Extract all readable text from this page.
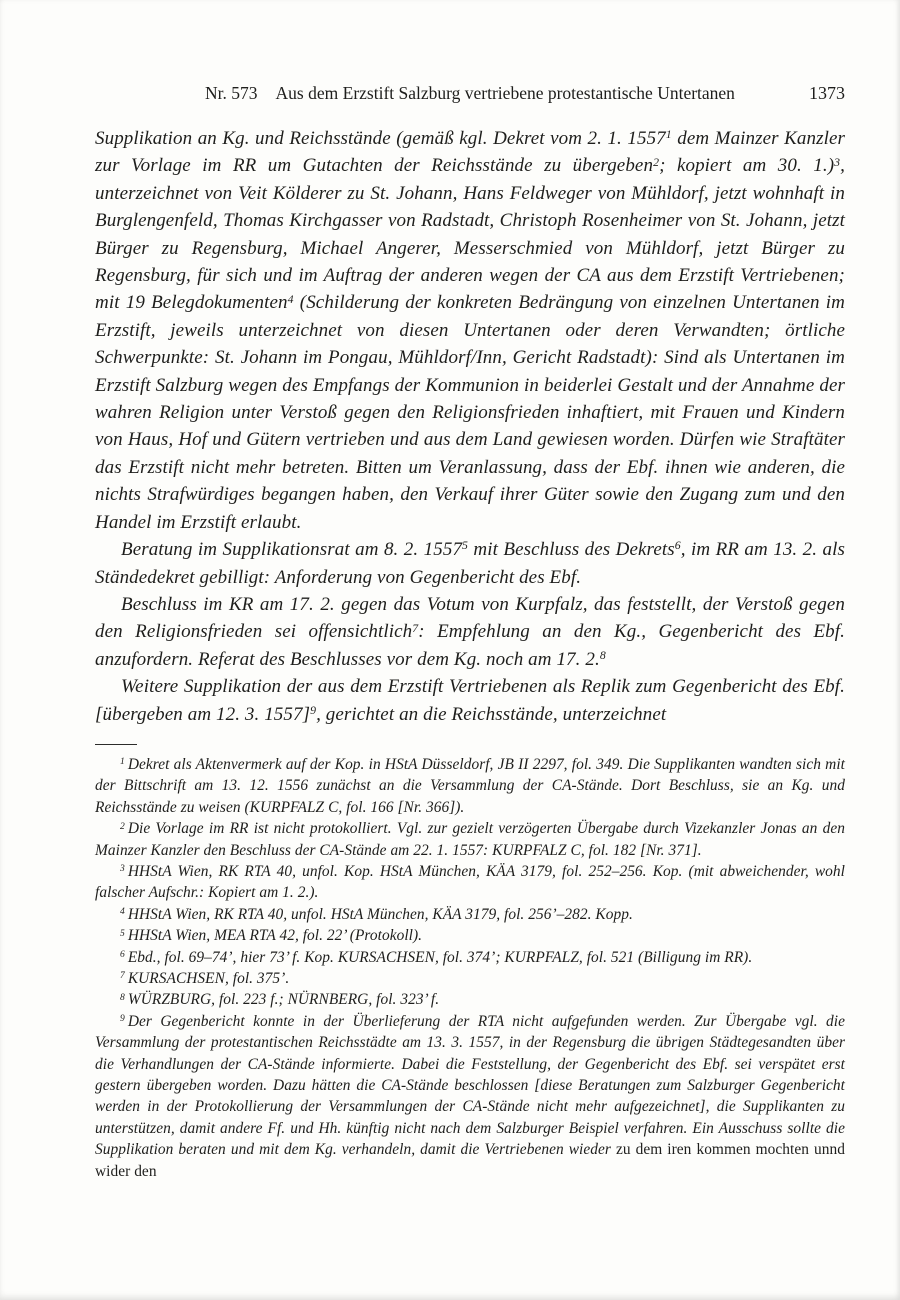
Nr. 573 Aus dem Erzstift Salzburg vertriebene protestantische Untertanen	1373

Supplikation an Kg. und Reichsstände (gemäß kgl. Dekret vom 2. 1. 1557$^1$ dem Mainzer Kanzler zur Vorlage im RR um Gutachten der Reichsstände zu übergeben$^2$; kopiert am 30. 1.)$^3$, unterzeichnet von Veit Kölderer zu St. Johann, Hans Feldweger von Mühldorf, jetzt wohnhaft in Burglengenfeld, Thomas Kirchgasser von Radstadt, Christoph Rosenheimer von St. Johann, jetzt Bürger zu Regensburg, Michael Angerer, Messerschmied von Mühldorf, jetzt Bürger zu Regensburg, für sich und im Auftrag der anderen wegen der CA aus dem Erzstift Vertriebenen; mit 19 Belegdokumenten$^4$ (Schilderung der konkreten Bedrängung von einzelnen Untertanen im Erzstift, jeweils unterzeichnet von diesen Untertanen oder deren Verwandten; örtliche Schwerpunkte: St. Johann im Pongau, Mühldorf/Inn, Gericht Radstadt): Sind als Untertanen im Erzstift Salzburg wegen des Empfangs der Kommunion in beiderlei Gestalt und der Annahme der wahren Religion unter Verstoß gegen den Religionsfrieden inhaftiert, mit Frauen und Kindern von Haus, Hof und Gütern vertrieben und aus dem Land gewiesen worden. Dürfen wie Straftäter das Erzstift nicht mehr betreten. Bitten um Veranlassung, dass der Ebf. ihnen wie anderen, die nichts Strafwürdiges begangen haben, den Verkauf ihrer Güter sowie den Zugang zum und den Handel im Erzstift erlaubt.

Beratung im Supplikationsrat am 8. 2. 1557$^5$ mit Beschluss des Dekrets$^6$, im RR am 13. 2. als Ständedekret gebilligt: Anforderung von Gegenbericht des Ebf.

Beschluss im KR am 17. 2. gegen das Votum von Kurpfalz, das feststellt, der Verstoß gegen den Religionsfrieden sei offensichtlich$^7$: Empfehlung an den Kg., Gegenbericht des Ebf. anzufordern. Referat des Beschlusses vor dem Kg. noch am 17. 2.$^8$

Weitere Supplikation der aus dem Erzstift Vertriebenen als Replik zum Gegenbericht des Ebf. [übergeben am 12. 3. 1557]$^9$, gerichtet an die Reichsstände, unterzeichnet

$^1$ Dekret als Aktenvermerk auf der Kop. in HStA Düsseldorf, JB II 2297, fol. 349. Die Supplikanten wandten sich mit der Bittschrift am 13. 12. 1556 zunächst an die Versammlung der CA-Stände. Dort Beschluss, sie an Kg. und Reichsstände zu weisen (KURPFALZ C, fol. 166 [Nr. 366]).

$^2$ Die Vorlage im RR ist nicht protokolliert. Vgl. zur gezielt verzögerten Übergabe durch Vizekanzler Jonas an den Mainzer Kanzler den Beschluss der CA-Stände am 22. 1. 1557: KURPFALZ C, fol. 182 [Nr. 371].

$^3$ HHStA Wien, RK RTA 40, unfol. Kop. HStA München, KÄA 3179, fol. 252–256. Kop. (mit abweichender, wohl falscher Aufschr.: Kopiert am 1. 2.).

$^4$ HHStA Wien, RK RTA 40, unfol. HStA München, KÄA 3179, fol. 256’–282. Kopp.

$^5$ HHStA Wien, MEA RTA 42, fol. 22’ (Protokoll).

$^6$ Ebd., fol. 69–74’, hier 73’ f. Kop. KURSACHSEN, fol. 374’; KURPFALZ, fol. 521 (Billigung im RR).

$^7$ KURSACHSEN, fol. 375’.

$^8$ WÜRZBURG, fol. 223 f.; NÜRNBERG, fol. 323’ f.

$^9$ Der Gegenbericht konnte in der Überlieferung der RTA nicht aufgefunden werden. Zur Übergabe vgl. die Versammlung der protestantischen Reichsstädte am 13. 3. 1557, in der Regensburg die übrigen Städtegesandten über die Verhandlungen der CA-Stände informierte. Dabei die Feststellung, der Gegenbericht des Ebf. sei verspätet erst gestern übergeben worden. Dazu hätten die CA-Stände beschlossen [diese Beratungen zum Salzburger Gegenbericht werden in der Protokollierung der Versammlungen der CA-Stände nicht mehr aufgezeichnet], die Supplikanten zu unterstützen, damit andere Ff. und Hh. künftig nicht nach dem Salzburger Beispiel verfahren. Ein Ausschuss sollte die Supplikation beraten und mit dem Kg. verhandeln, damit die Vertriebenen wieder zu dem iren kommen mochten unnd wider den
